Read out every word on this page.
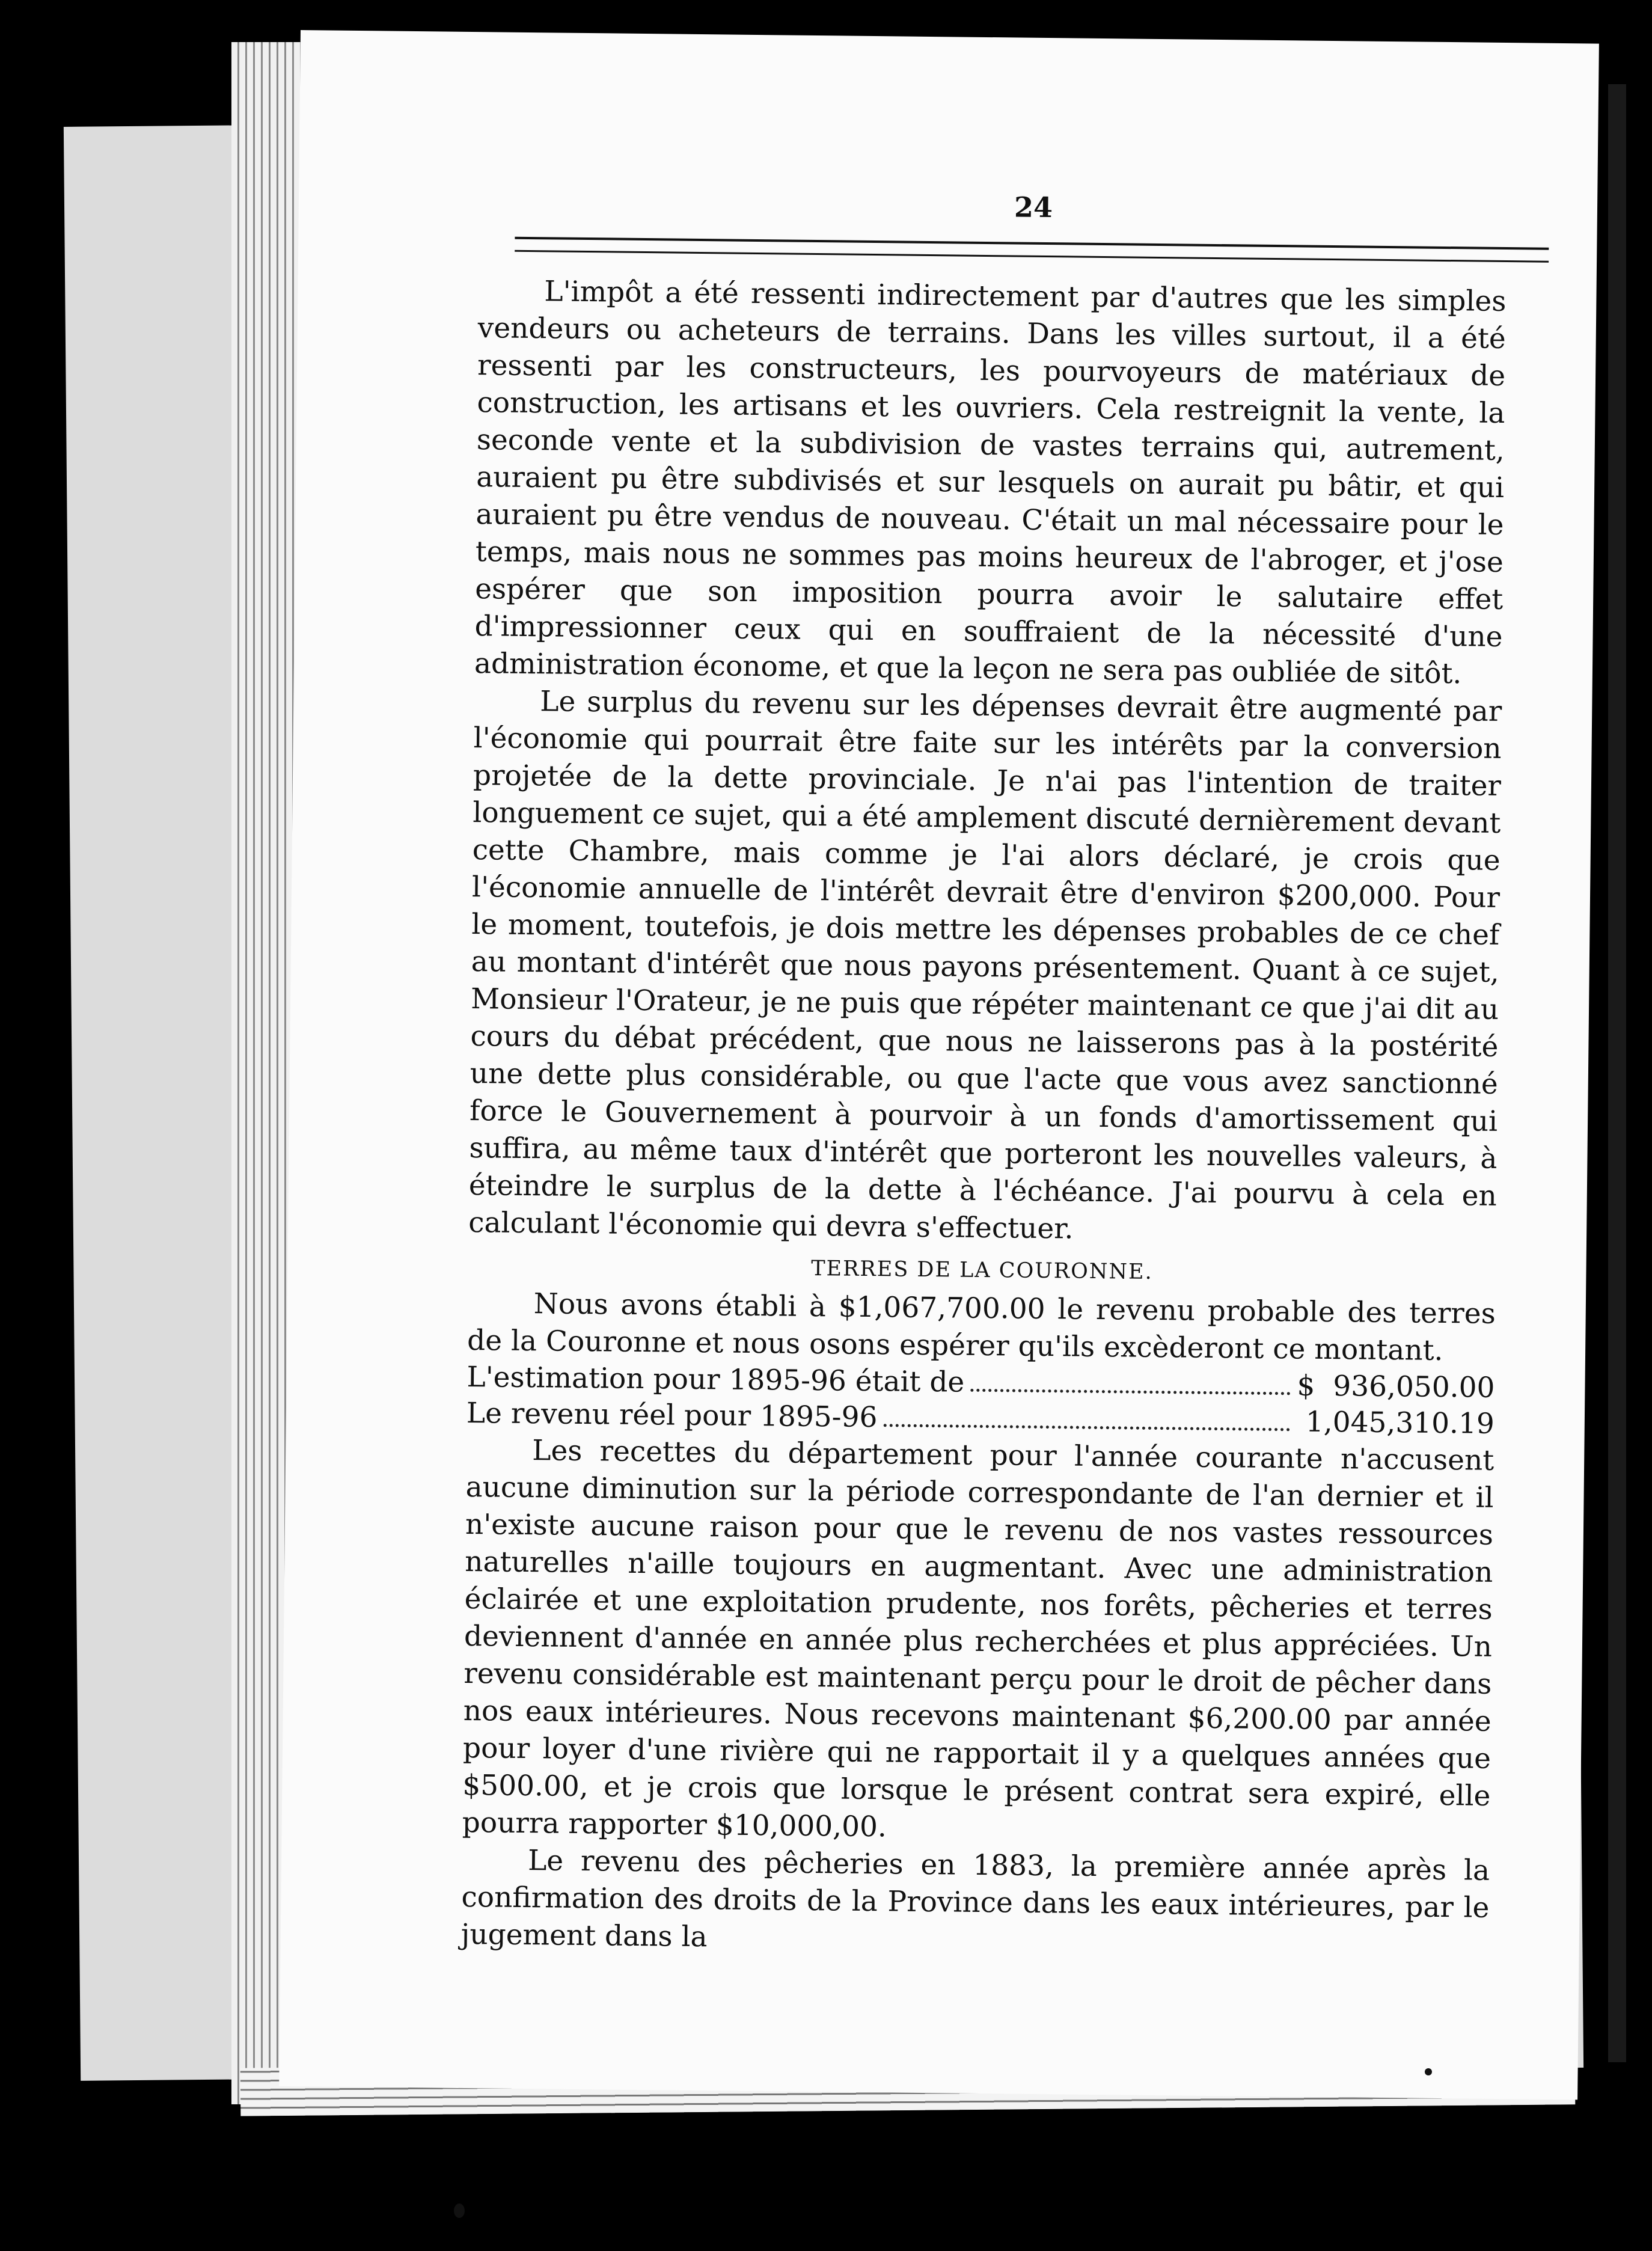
24

L'impôt a été ressenti indirectement par d'autres que les simples vendeurs ou acheteurs de terrains. Dans les villes surtout, il a été ressenti par les constructeurs, les pourvoyeurs de matériaux de construction, les artisans et les ouvriers. Cela restreignit la vente, la seconde vente et la subdivision de vastes terrains qui, autrement, auraient pu être subdivisés et sur lesquels on aurait pu bâtir, et qui auraient pu être vendus de nouveau. C'était un mal nécessaire pour le temps, mais nous ne sommes pas moins heureux de l'abroger, et j'ose espérer que son imposition pourra avoir le salutaire effet d'impressionner ceux qui en souffraient de la nécessité d'une administration économe, et que la leçon ne sera pas oubliée de sitôt.

Le surplus du revenu sur les dépenses devrait être augmenté par l'économie qui pourrait être faite sur les intérêts par la conversion projetée de la dette provinciale. Je n'ai pas l'intention de traiter longuement ce sujet, qui a été amplement discuté dernièrement devant cette Chambre, mais comme je l'ai alors déclaré, je crois que l'économie annuelle de l'intérêt devrait être d'environ $200,000. Pour le moment, toutefois, je dois mettre les dépenses probables de ce chef au montant d'intérêt que nous payons présentement. Quant à ce sujet, Monsieur l'Orateur, je ne puis que répéter maintenant ce que j'ai dit au cours du débat précédent, que nous ne laisserons pas à la postérité une dette plus considérable, ou que l'acte que vous avez sanctionné force le Gouvernement à pourvoir à un fonds d'amortissement qui suffira, au même taux d'intérêt que porteront les nouvelles valeurs, à éteindre le surplus de la dette à l'échéance. J'ai pourvu à cela en calculant l'économie qui devra s'effectuer.

TERRES DE LA COURONNE.

Nous avons établi à $1,067,700.00 le revenu probable des terres de la Couronne et nous osons espérer qu'ils excèderont ce montant.

L'estimation pour 1895-96 était de	$  936,050.00

Le revenu réel pour 1895-96	1,045,310.19

Les recettes du département pour l'année courante n'accusent aucune diminution sur la période correspondante de l'an dernier et il n'existe aucune raison pour que le revenu de nos vastes ressources naturelles n'aille toujours en augmentant. Avec une administration éclairée et une exploitation prudente, nos forêts, pêcheries et terres deviennent d'année en année plus recherchées et plus appréciées. Un revenu considérable est maintenant perçu pour le droit de pêcher dans nos eaux intérieures. Nous recevons maintenant $6,200.00 par année pour loyer d'une rivière qui ne rapportait il y a quelques années que $500.00, et je crois que lorsque le présent contrat sera expiré, elle pourra rapporter $10,000,00.

Le revenu des pêcheries en 1883, la première année après la confirmation des droits de la Province dans les eaux intérieures, par le jugement dans la
